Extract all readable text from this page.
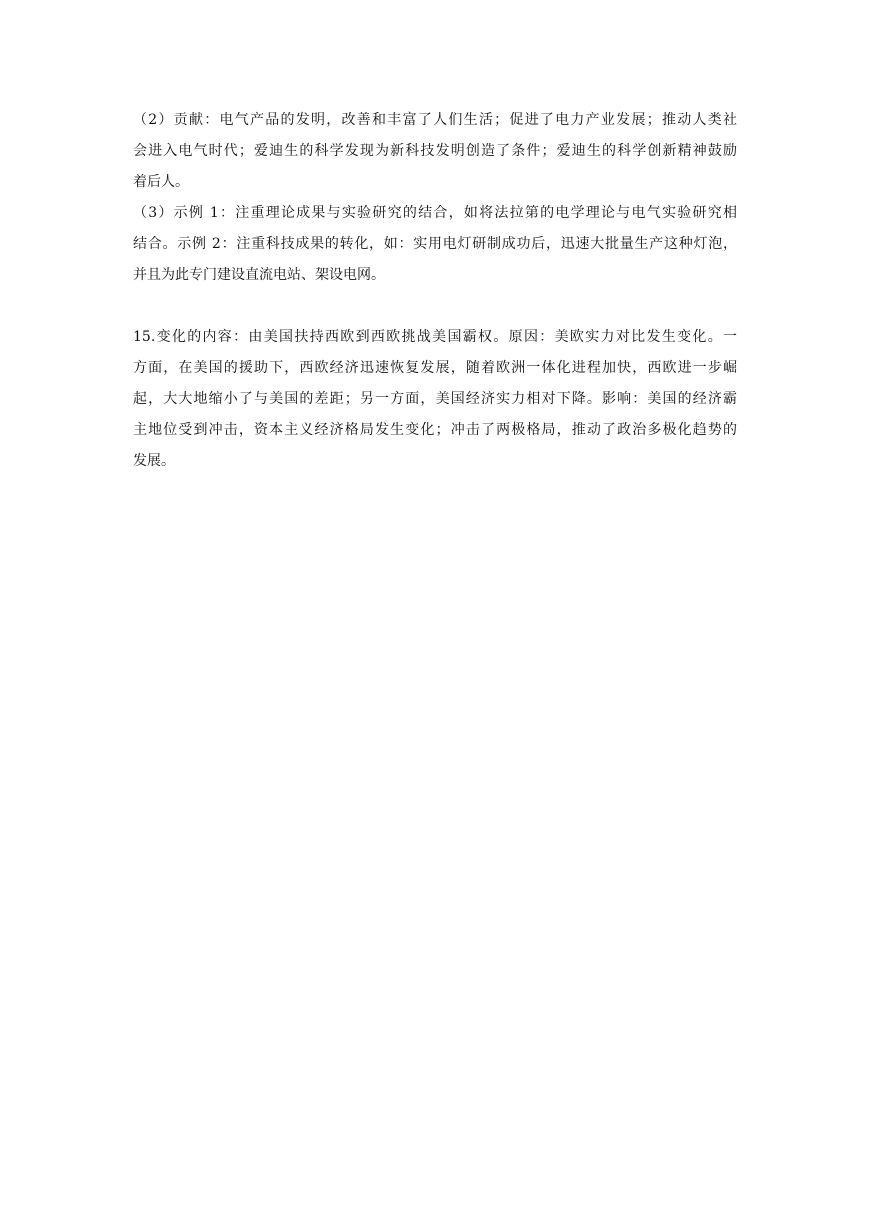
（2）贡献：电气产品的发明，改善和丰富了人们生活；促进了电力产业发展；推动人类社
会进入电气时代；爱迪生的科学发现为新科技发明创造了条件；爱迪生的科学创新精神鼓励
着后人。
（3）示例 1：注重理论成果与实验研究的结合，如将法拉第的电学理论与电气实验研究相
结合。示例 2：注重科技成果的转化，如：实用电灯研制成功后，迅速大批量生产这种灯泡，
并且为此专门建设直流电站、架设电网。
15.变化的内容：由美国扶持西欧到西欧挑战美国霸权。原因：美欧实力对比发生变化。一
方面，在美国的援助下，西欧经济迅速恢复发展，随着欧洲一体化进程加快，西欧进一步崛
起，大大地缩小了与美国的差距；另一方面，美国经济实力相对下降。影响：美国的经济霸
主地位受到冲击，资本主义经济格局发生变化；冲击了两极格局，推动了政治多极化趋势的
发展。
